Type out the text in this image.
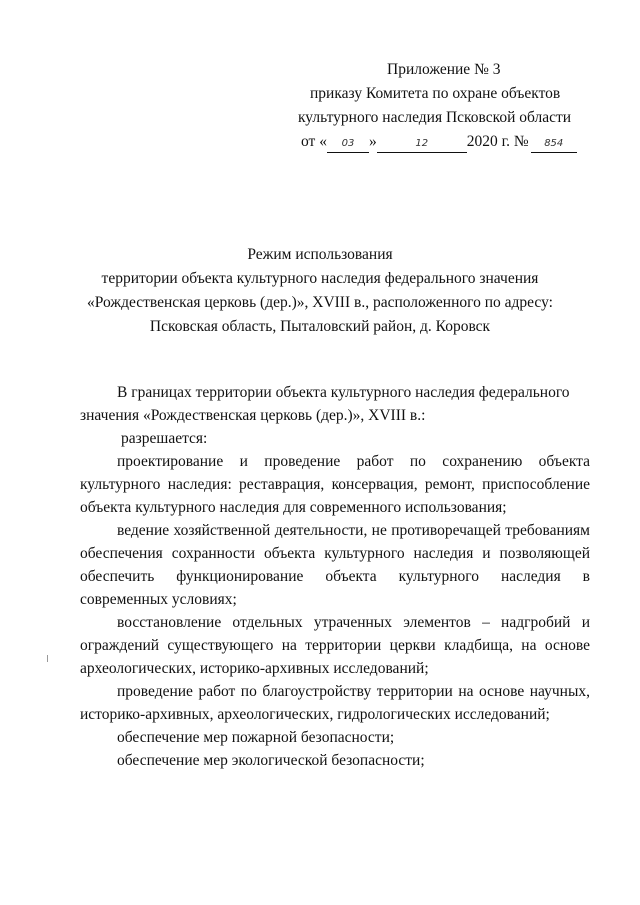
Приложение № 3
приказу Комитета по охране объектов
культурного наследия Псковской области
от « 03 »	12 2020 г. № 854
Режим использования
территории объекта культурного наследия федерального значения
«Рождественская церковь (дер.)», XVIII в., расположенного по адресу:
Псковская область, Пыталовский район, д. Коровск

В границах территории объекта культурного наследия федерального значения «Рождественская церковь (дер.)», XVIII в.:

разрешается:

проектирование и проведение работ по сохранению объекта культурного наследия: реставрация, консервация, ремонт, приспособление объекта культурного наследия для современного использования;

ведение хозяйственной деятельности, не противоречащей требованиям обеспечения сохранности объекта культурного наследия и позволяющей обеспечить функционирование объекта культурного наследия в современных условиях;

восстановление отдельных утраченных элементов – надгробий и ограждений существующего на территории церкви кладбища, на основе археологических, историко-архивных исследований;

проведение работ по благоустройству территории на основе научных, историко-архивных, археологических, гидрологических исследований;

обеспечение мер пожарной безопасности;

обеспечение мер экологической безопасности;
